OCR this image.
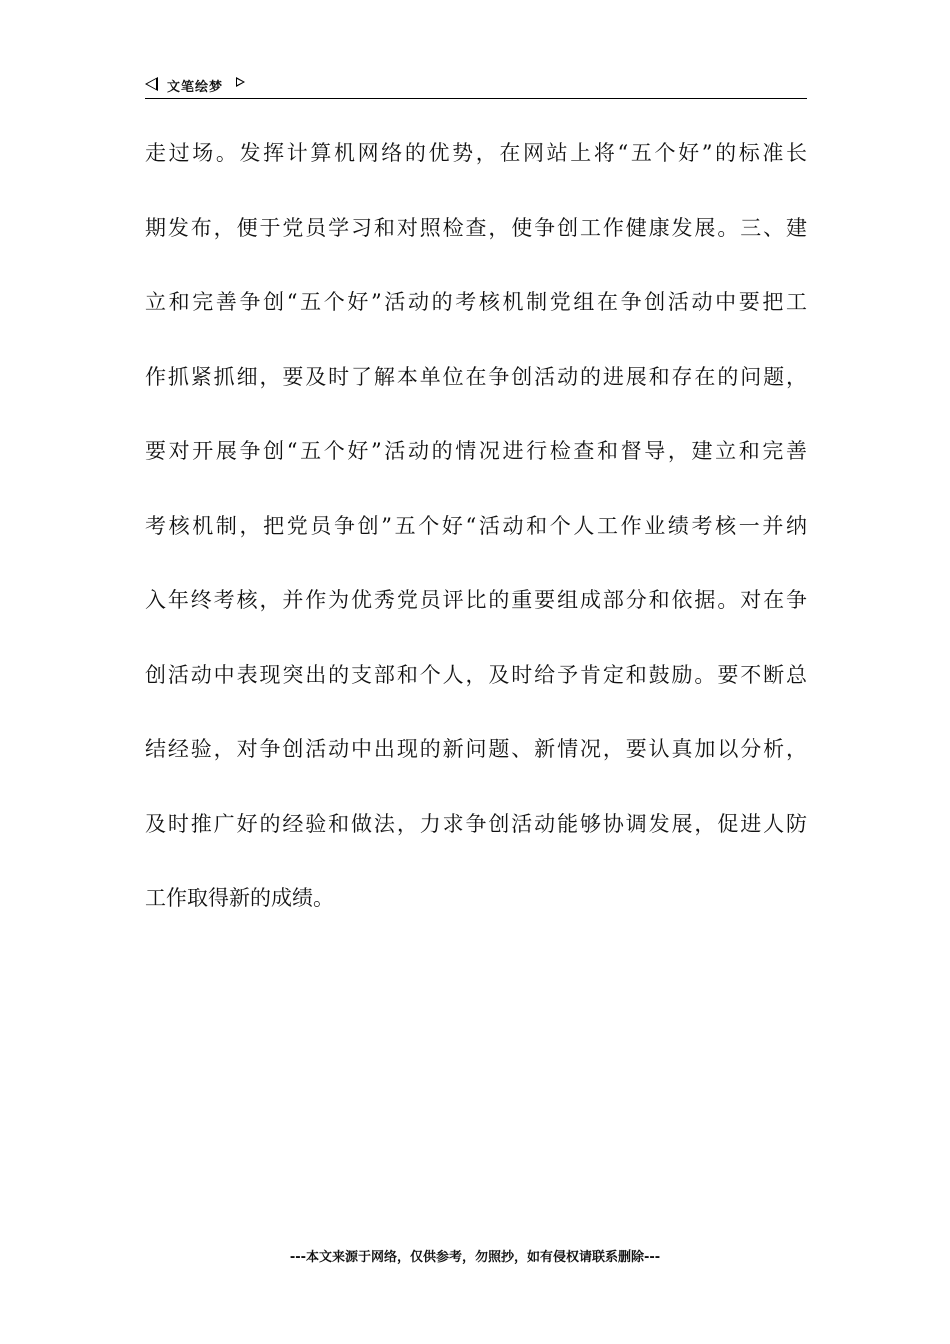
文笔绘梦
走过场。发挥计算机网络的优势，在网站上将“五个好”的标准长
期发布，便于党员学习和对照检查，使争创工作健康发展。三、建
立和完善争创“五个好”活动的考核机制党组在争创活动中要把工
作抓紧抓细，要及时了解本单位在争创活动的进展和存在的问题，
要对开展争创“五个好”活动的情况进行检查和督导，建立和完善
考核机制，把党员争创”五个好“活动和个人工作业绩考核一并纳
入年终考核，并作为优秀党员评比的重要组成部分和依据。对在争
创活动中表现突出的支部和个人，及时给予肯定和鼓励。要不断总
结经验，对争创活动中出现的新问题、新情况，要认真加以分析，
及时推广好的经验和做法，力求争创活动能够协调发展，促进人防
工作取得新的成绩。
---本文来源于网络，仅供参考，勿照抄，如有侵权请联系删除---
